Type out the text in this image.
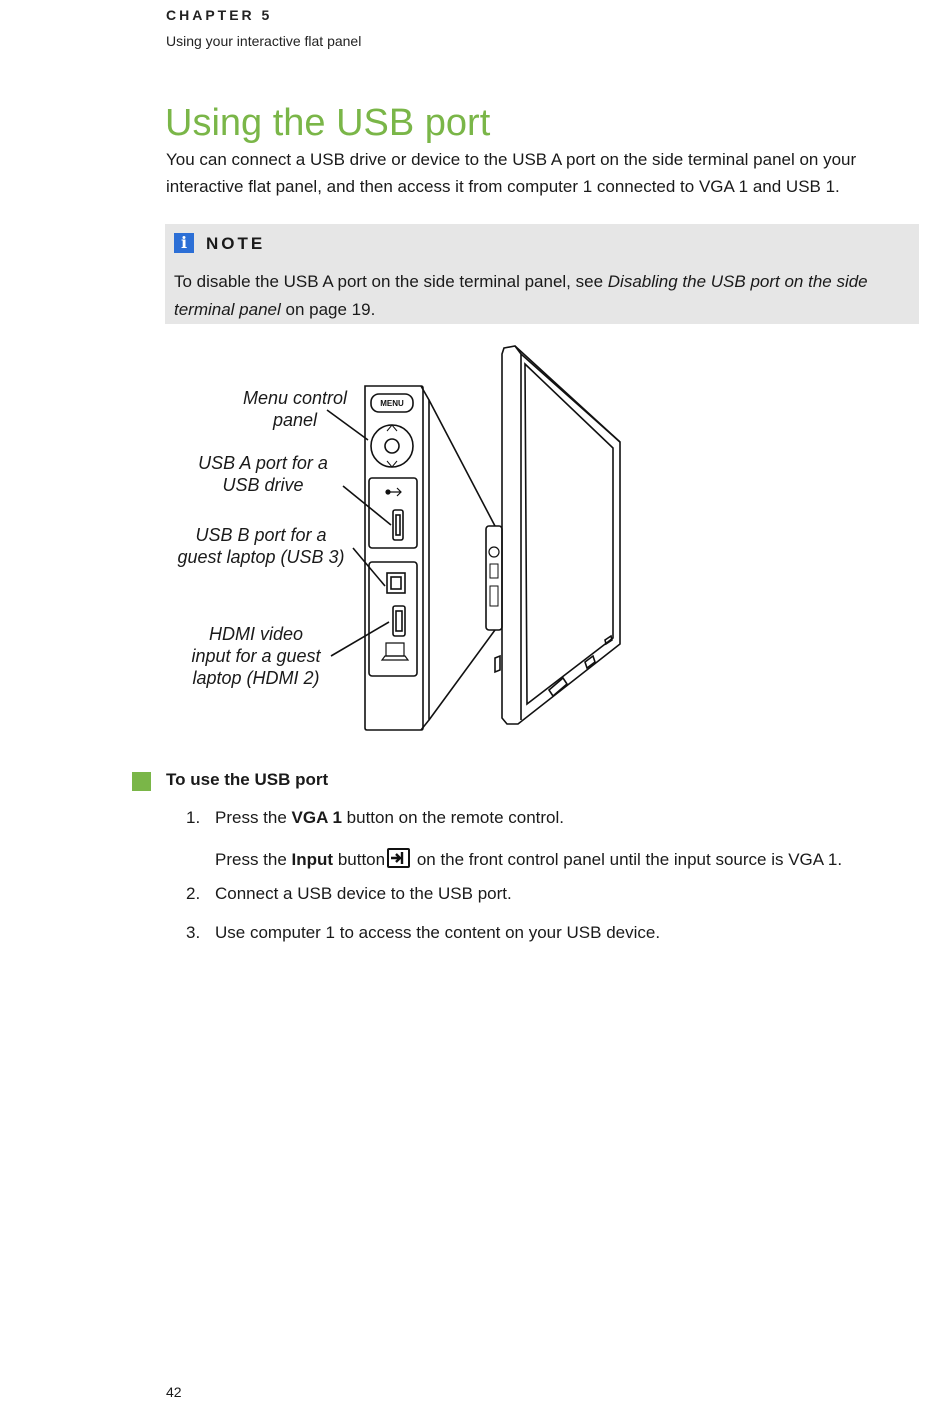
CHAPTER 5
Using your interactive flat panel
Using the USB port

You can connect a USB drive or device to the USB A port on the side terminal panel on your interactive flat panel, and then access it from computer 1 connected to VGA 1 and USB 1.

i	NOTE

To disable the USB A port on the side terminal panel, see Disabling the USB port on the side terminal panel on page 19.

Menu control
panel
USB A port for a
USB drive
USB B port for a
guest laptop (USB 3)
HDMI video
input for a guest
laptop (HDMI 2)
MENU
To use the USB port
1. Press the VGA 1 button on the remote control.
Press the Input button
on the front control panel until the input source is VGA 1.
2. Connect a USB device to the USB port.
3. Use computer 1 to access the content on your USB device.
42
